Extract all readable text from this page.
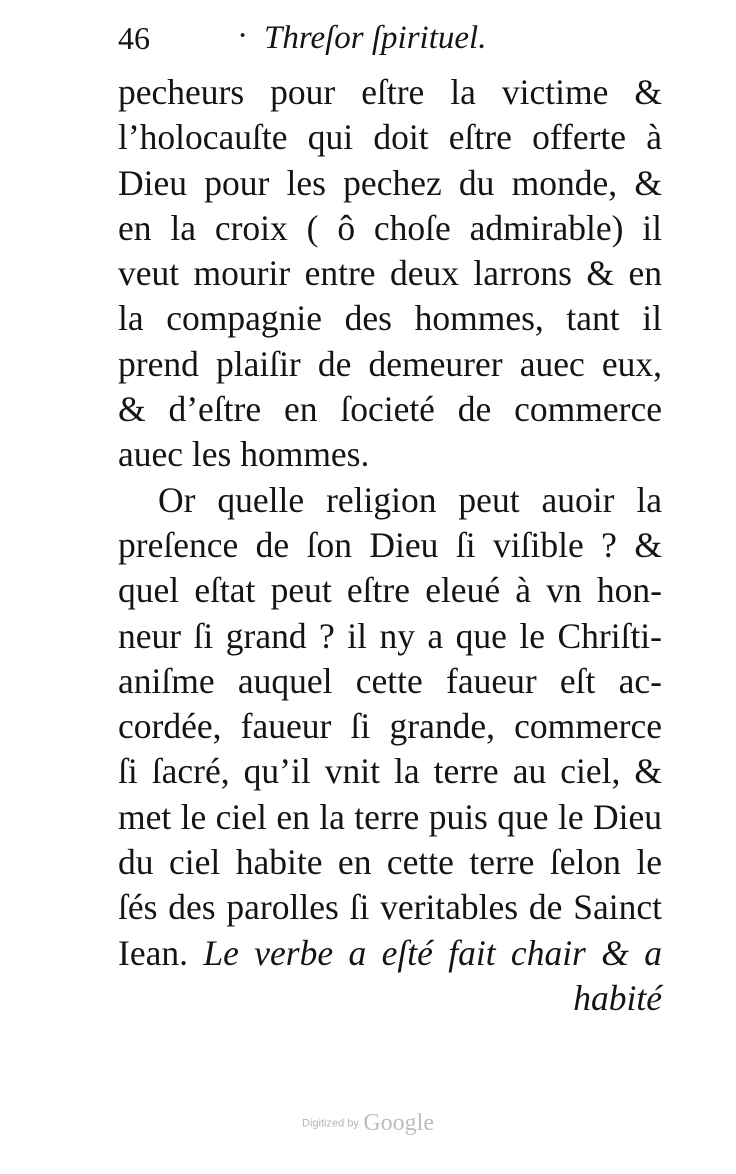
46	· Threſor ſpirituel.
pecheurs pour eſtre la victime &
l’holocauſte qui doit eſtre offerte à
Dieu pour les pechez du monde, &
en la croix ( ô choſe admirable) il
veut mourir entre deux larrons & en
la compagnie des hommes, tant il
prend plaiſir de demeurer auec eux,
& d’eſtre en ſocieté de commerce
auec les hommes.
Or quelle religion peut auoir la
preſence de ſon Dieu ſi viſible ? &
quel eſtat peut eſtre eleué à vn hon-
neur ſi grand ? il ny a que le Chriſti-
aniſme auquel cette faueur eſt ac-
cordée, faueur ſi grande, commerce
ſi ſacré, qu’il vnit la terre au ciel, &
met le ciel en la terre puis que le Dieu
du ciel habite en cette terre ſelon le
ſés des parolles ſi veritables de Sainct
Iean. Le verbe a eſté fait chair & a
habité
Digitized by Google
